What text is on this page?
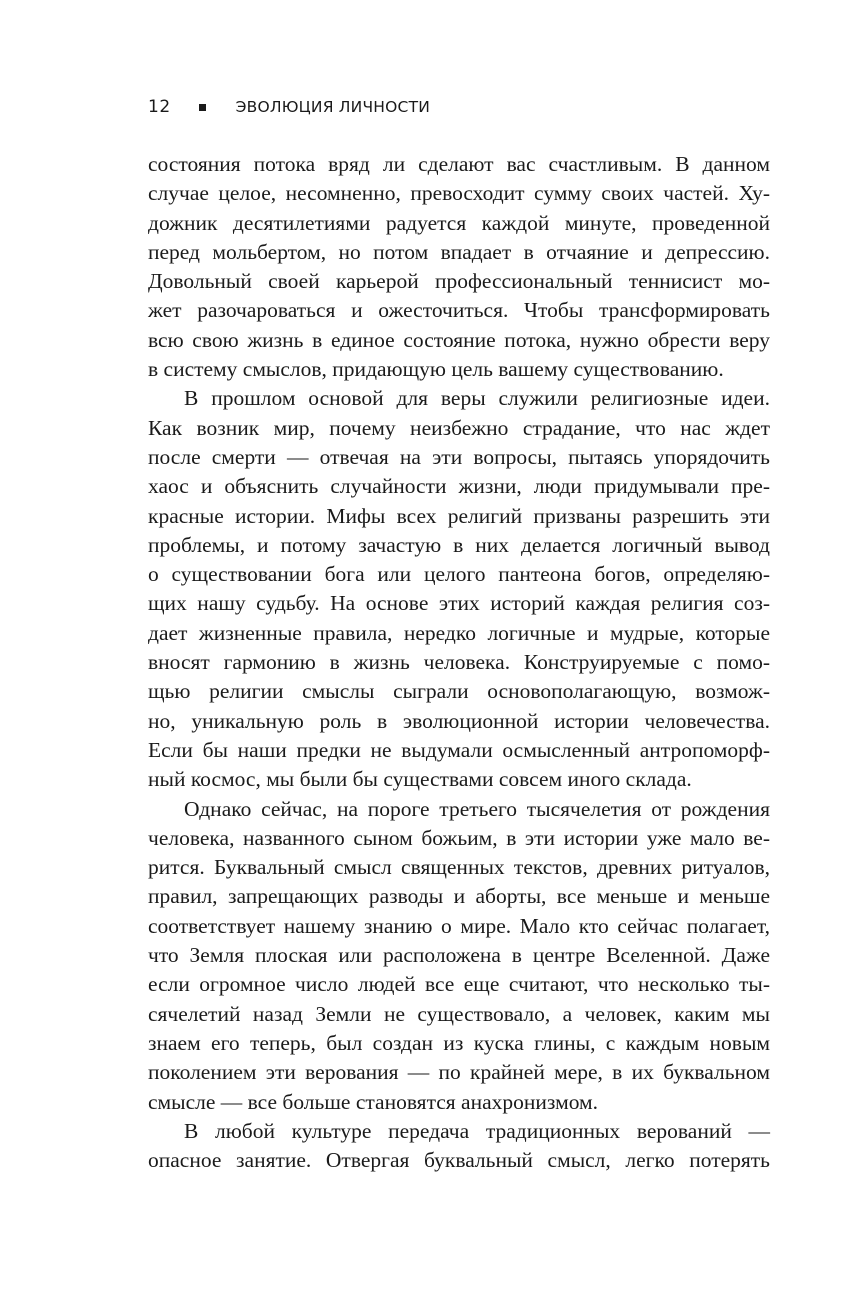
12	ЭВОЛЮЦИЯ ЛИЧНОСТИ
состояния потока вряд ли сделают вас счастливым. В данном
случае целое, несомненно, превосходит сумму своих частей. Ху-
дожник десятилетиями радуется каждой минуте, проведенной
перед мольбертом, но потом впадает в отчаяние и депрессию.
Довольный своей карьерой профессиональный теннисист мо-
жет разочароваться и ожесточиться. Чтобы трансформировать
всю свою жизнь в единое состояние потока, нужно обрести веру
в систему смыслов, придающую цель вашему существованию.
В прошлом основой для веры служили религиозные идеи.
Как возник мир, почему неизбежно страдание, что нас ждет
после смерти — отвечая на эти вопросы, пытаясь упорядочить
хаос и объяснить случайности жизни, люди придумывали пре-
красные истории. Мифы всех религий призваны разрешить эти
проблемы, и потому зачастую в них делается логичный вывод
о существовании бога или целого пантеона богов, определяю-
щих нашу судьбу. На основе этих историй каждая религия соз-
дает жизненные правила, нередко логичные и мудрые, которые
вносят гармонию в жизнь человека. Конструируемые с помо-
щью религии смыслы сыграли основополагающую, возмож-
но, уникальную роль в эволюционной истории человечества.
Если бы наши предки не выдумали осмысленный антропоморф-
ный космос, мы были бы существами совсем иного склада.
Однако сейчас, на пороге третьего тысячелетия от рождения
человека, названного сыном божьим, в эти истории уже мало ве-
рится. Буквальный смысл священных текстов, древних ритуалов,
правил, запрещающих разводы и аборты, все меньше и меньше
соответствует нашему знанию о мире. Мало кто сейчас полагает,
что Земля плоская или расположена в центре Вселенной. Даже
если огромное число людей все еще считают, что несколько ты-
сячелетий назад Земли не существовало, а человек, каким мы
знаем его теперь, был создан из куска глины, с каждым новым
поколением эти верования — по крайней мере, в их буквальном
смысле — все больше становятся анахронизмом.
В любой культуре передача традиционных верований —
опасное занятие. Отвергая буквальный смысл, легко потерять
